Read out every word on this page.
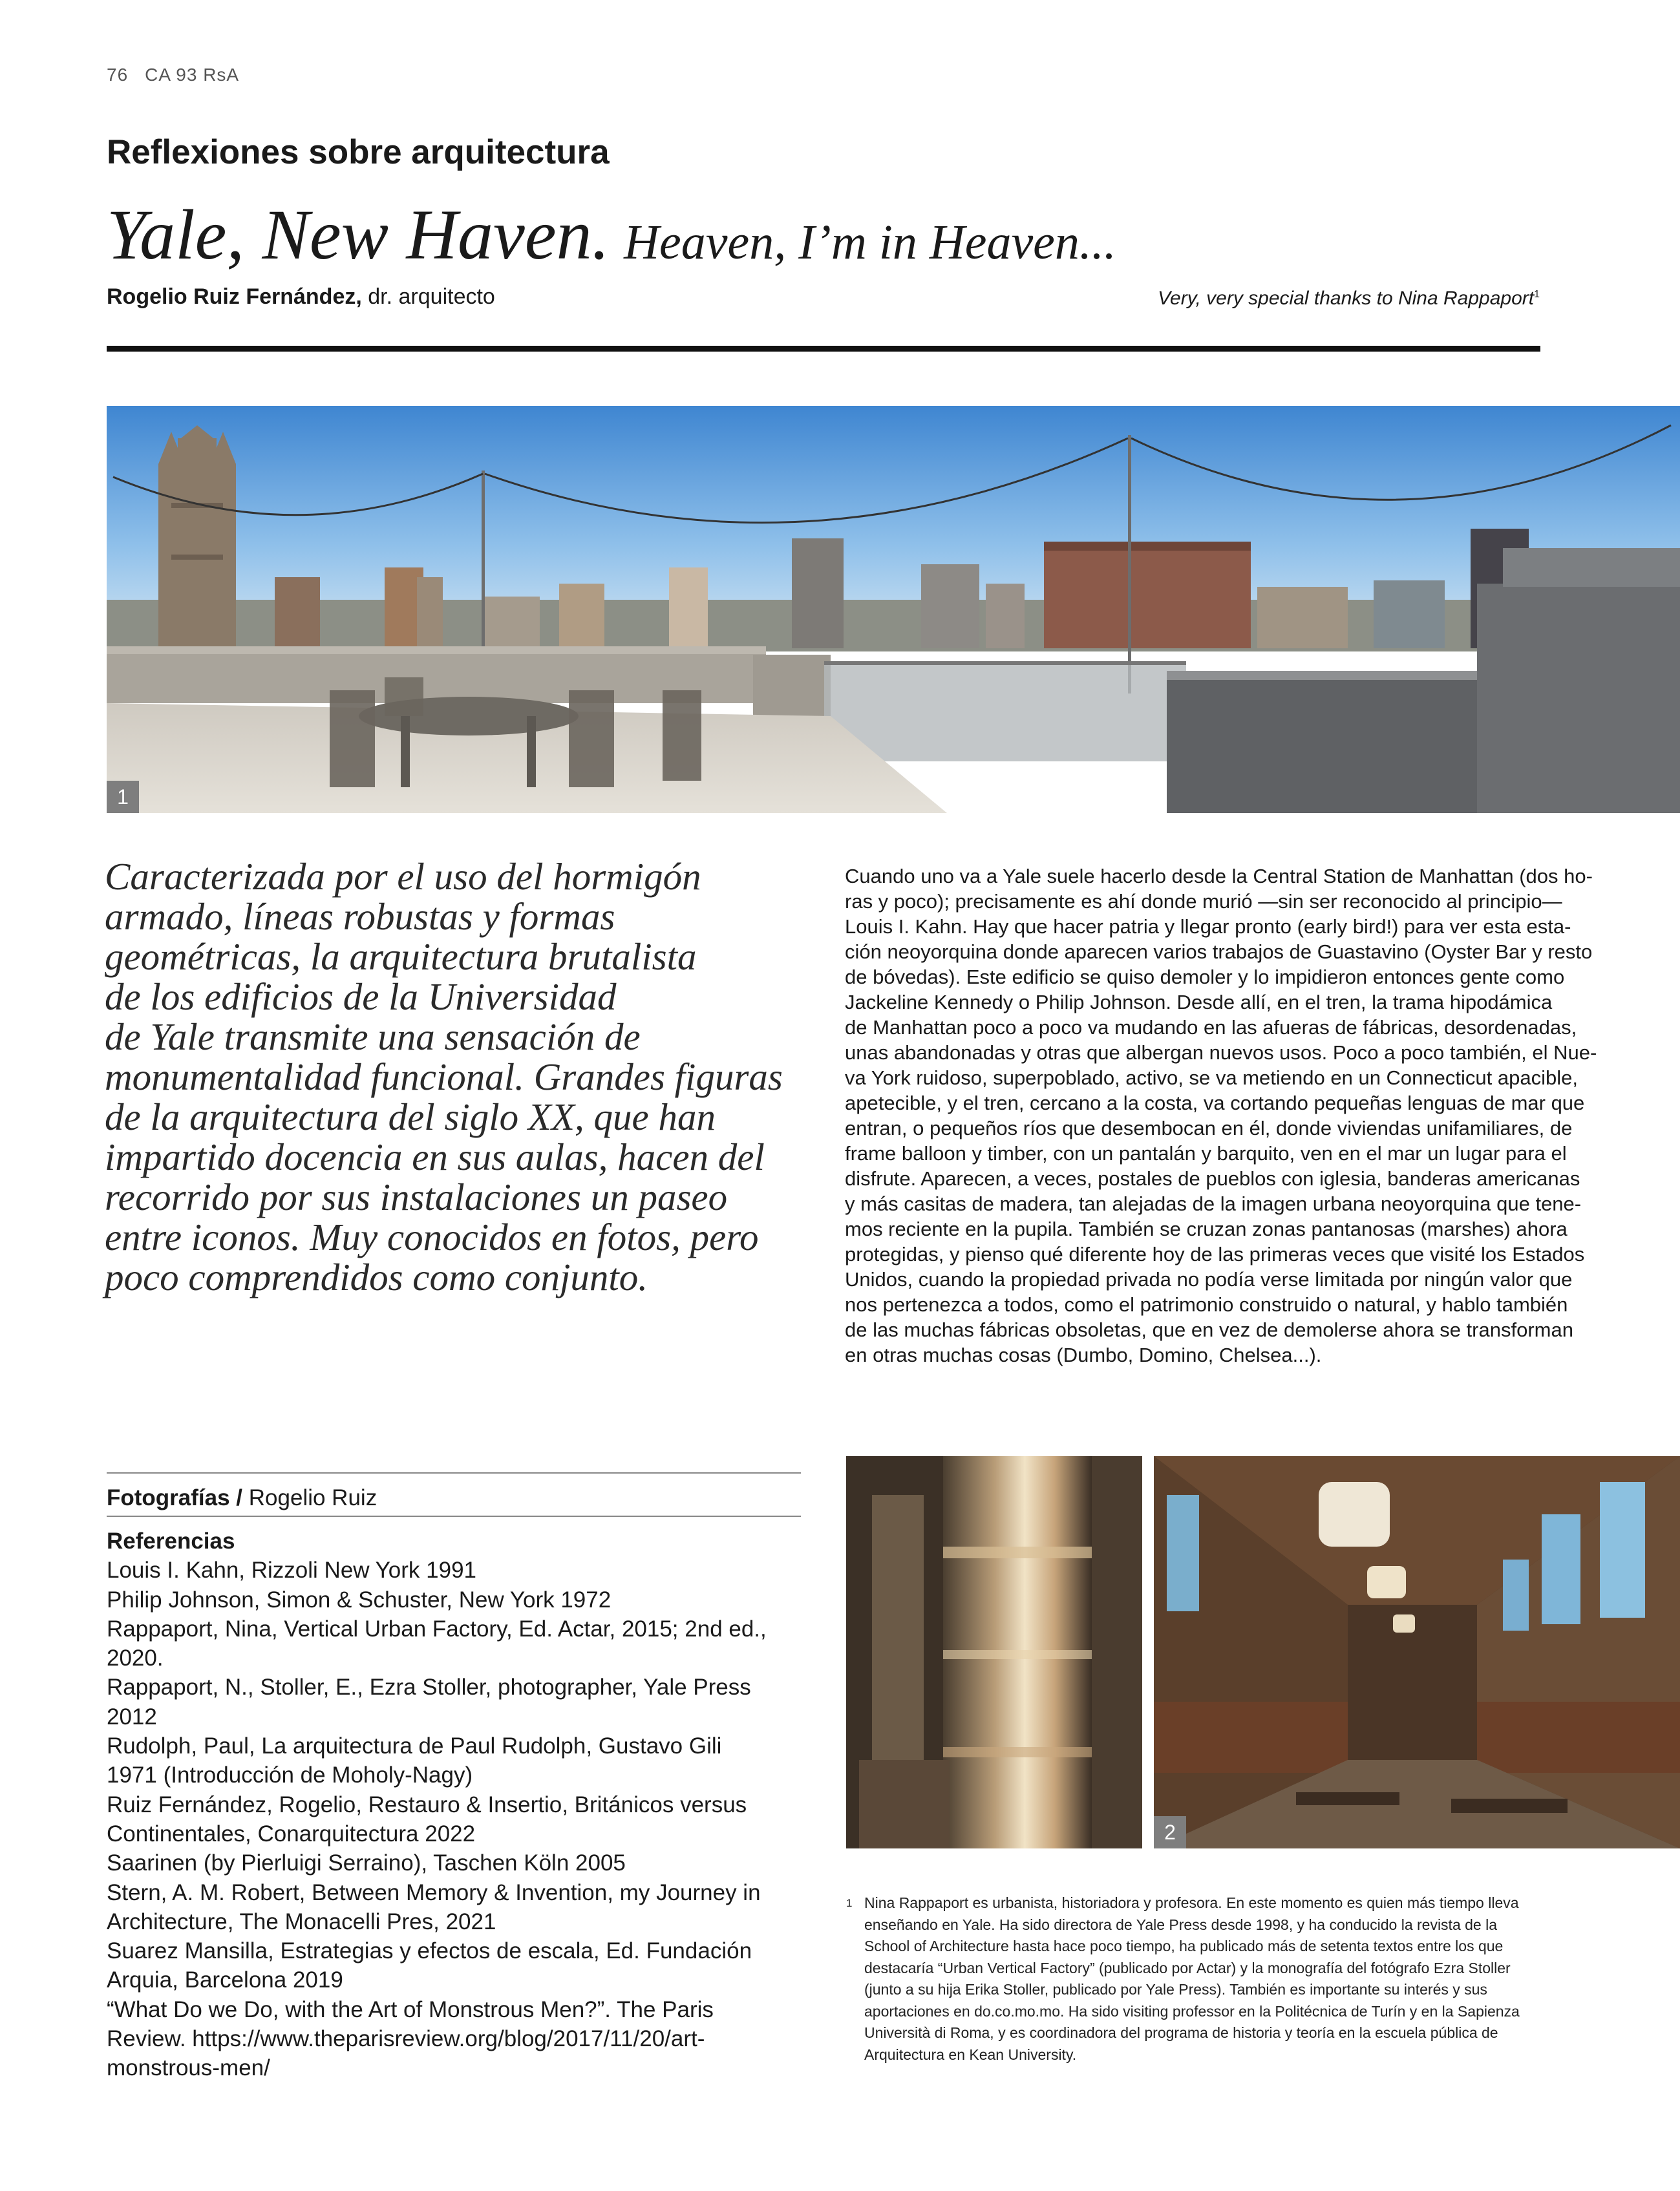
76 CA 93 RsA
Reflexiones sobre arquitectura
Yale, New Haven. Heaven, I’m in Heaven...
Rogelio Ruiz Fernández, dr. arquitecto	Very, very special thanks to Nina Rappaport$^1$
1
Caracterizada por el uso del hormigón
armado, líneas robustas y formas
geométricas, la arquitectura brutalista
de los edificios de la Universidad
de Yale transmite una sensación de
monumentalidad funcional. Grandes figuras
de la arquitectura del siglo XX, que han
impartido docencia en sus aulas, hacen del
recorrido por sus instalaciones un paseo
entre iconos. Muy conocidos en fotos, pero
poco comprendidos como conjunto.
Cuando uno va a Yale suele hacerlo desde la Central Station de Manhattan (dos ho-
ras y poco); precisamente es ahí donde murió —sin ser reconocido al principio—
Louis I. Kahn. Hay que hacer patria y llegar pronto (early bird!) para ver esta esta-
ción neoyorquina donde aparecen varios trabajos de Guastavino (Oyster Bar y resto
de bóvedas). Este edificio se quiso demoler y lo impidieron entonces gente como
Jackeline Kennedy o Philip Johnson. Desde allí, en el tren, la trama hipodámica
de Manhattan poco a poco va mudando en las afueras de fábricas, desordenadas,
unas abandonadas y otras que albergan nuevos usos. Poco a poco también, el Nue-
va York ruidoso, superpoblado, activo, se va metiendo en un Connecticut apacible,
apetecible, y el tren, cercano a la costa, va cortando pequeñas lenguas de mar que
entran, o pequeños ríos que desembocan en él, donde viviendas unifamiliares, de
frame balloon y timber, con un pantalán y barquito, ven en el mar un lugar para el
disfrute. Aparecen, a veces, postales de pueblos con iglesia, banderas americanas
y más casitas de madera, tan alejadas de la imagen urbana neoyorquina que tene-
mos reciente en la pupila. También se cruzan zonas pantanosas (marshes) ahora
protegidas, y pienso qué diferente hoy de las primeras veces que visité los Estados
Unidos, cuando la propiedad privada no podía verse limitada por ningún valor que
nos pertenezca a todos, como el patrimonio construido o natural, y hablo también
de las muchas fábricas obsoletas, que en vez de demolerse ahora se transforman
en otras muchas cosas (Dumbo, Domino, Chelsea...).
Fotografías / Rogelio Ruiz
Referencias
Louis I. Kahn, Rizzoli New York 1991
Philip Johnson, Simon & Schuster, New York 1972
Rappaport, Nina, Vertical Urban Factory, Ed. Actar, 2015; 2nd ed.,
2020.
Rappaport, N., Stoller, E., Ezra Stoller, photographer, Yale Press
2012
Rudolph, Paul, La arquitectura de Paul Rudolph, Gustavo Gili
1971 (Introducción de Moholy-Nagy)
Ruiz Fernández, Rogelio, Restauro & Insertio, Británicos versus
Continentales, Conarquitectura 2022
Saarinen (by Pierluigi Serraino), Taschen Köln 2005
Stern, A. M. Robert, Between Memory & Invention, my Journey in
Architecture, The Monacelli Pres, 2021
Suarez Mansilla, Estrategias y efectos de escala, Ed. Fundación
Arquia, Barcelona 2019
“What Do we Do, with the Art of Monstrous Men?”. The Paris
Review. https://www.theparisreview.org/blog/2017/11/20/art-
monstrous-men/
2
1 Nina Rappaport es urbanista, historiadora y profesora. En este momento es quien más tiempo lleva
enseñando en Yale. Ha sido directora de Yale Press desde 1998, y ha conducido la revista de la
School of Architecture hasta hace poco tiempo, ha publicado más de setenta textos entre los que
destacaría “Urban Vertical Factory” (publicado por Actar) y la monografía del fotógrafo Ezra Stoller
(junto a su hija Erika Stoller, publicado por Yale Press). También es importante su interés y sus
aportaciones en do.co.mo.mo. Ha sido visiting professor en la Politécnica de Turín y en la Sapienza
Università di Roma, y es coordinadora del programa de historia y teoría en la escuela pública de
Arquitectura en Kean University.
